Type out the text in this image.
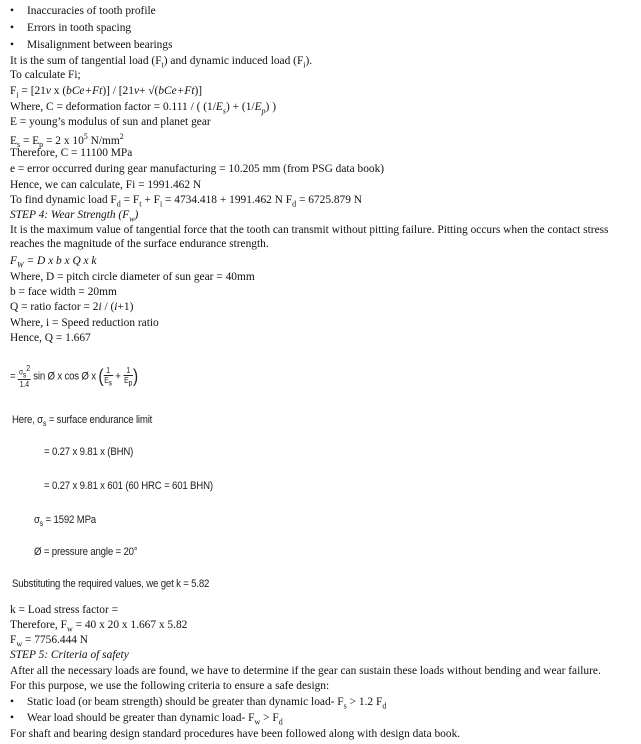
• Inaccuracies of tooth profile
• Errors in tooth spacing
• Misalignment between bearings
It is the sum of tangential load $(F_t)$ and dynamic induced load $(F_i)$.
To calculate Fi;
$F_i = [21v$ x (bCe+Ft)] / [21v+ √(bCe+Ft)]
Where, C = deformation factor = 0.111 / ( $(1/E_s) + (1/E_p)$ )
E = young’s modulus of sun and planet gear
$E_s = E_p = 2$ x $10^5$ $N/mm^2$
Therefore, C = 11100 MPa
e = error occurred during gear manufacturing = 10.205 mm (from PSG data book)
Hence, we can calculate, Fi = 1991.462 N
To find dynamic load $F_d = F_t + F_i = 4734.418 + 1991.462$ N $F_d = 6725.879$ N
STEP 4: Wear Strength $(F_w)$
It is the maximum value of tangential force that the tooth can transmit without pitting failure. Pitting occurs when the contact stress reaches the magnitude of the surface endurance strength.
$F_W = D$ x b x Q x k
Where, D = pitch circle diameter of sun gear = 40mm
b = face width = 20mm
Q = ratio factor = 2i / (i+1)
Where, i = Speed reduction ratio
Hence, Q = 1.667
= $\frac{\sigma s2}{1.4}$ sin Ø x cos Ø x ( $\frac{1}{Es} + \frac{1}{Ep}$ )
Here, $\sigma_s$ = surface endurance limit
= 0.27 x 9.81 x (BHN)
= 0.27 x 9.81 x 601 (60 HRC = 601 BHN)
$\sigma_s = 1592$ MPa
Ø = pressure angle = 20°
Substituting the required values, we get k = 5.82
k = Load stress factor =
Therefore, $F_w = 40$ x 20 x 1.667 x 5.82
$F_w = 7756.444$ N
STEP 5: Criteria of safety
After all the necessary loads are found, we have to determine if the gear can sustain these loads without bending and wear failure.
For this purpose, we use the following criteria to ensure a safe design:
• Static load (or beam strength) should be greater than dynamic load- $F_s > 1.2$ $F_d$
• Wear load should be greater than dynamic load- $F_w > F_d$
For shaft and bearing design standard procedures have been followed along with design data book.
